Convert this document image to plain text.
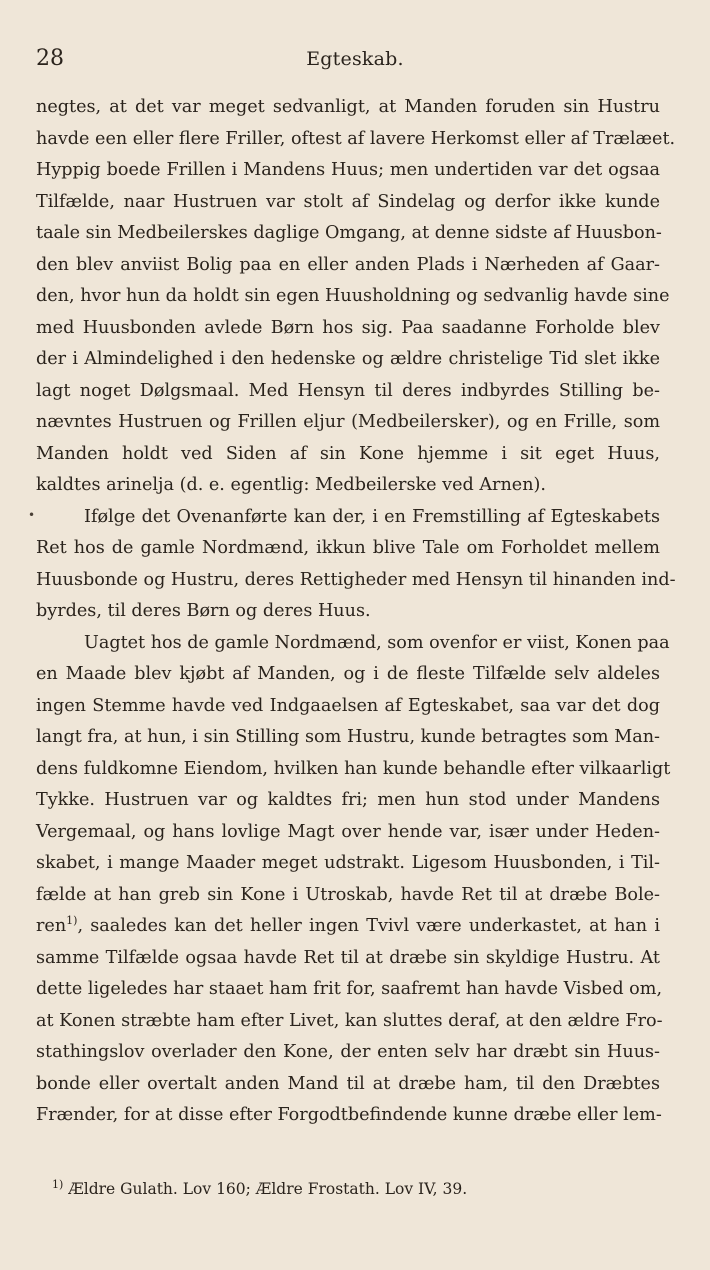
28	Egteskab.
•
negtes, at det var meget sedvanligt, at Manden foruden sin Hustru
havde een eller flere Friller, oftest af lavere Herkomst eller af Trælæet.
Hyppig boede Frillen i Mandens Huus; men undertiden var det ogsaa
Tilfælde, naar Hustruen var stolt af Sindelag og derfor ikke kunde
taale sin Medbeilerskes daglige Omgang, at denne sidste af Huusbon-
den blev anviist Bolig paa en eller anden Plads i Nærheden af Gaar-
den, hvor hun da holdt sin egen Huusholdning og sedvanlig havde sine
med Huusbonden avlede Børn hos sig. Paa saadanne Forholde blev
der i Almindelighed i den hedenske og ældre christelige Tid slet ikke
lagt noget Dølgsmaal. Med Hensyn til deres indbyrdes Stilling be-
nævntes Hustruen og Frillen eljur (Medbeilersker), og en Frille, som
Manden holdt ved Siden af sin Kone hjemme i sit eget Huus,
kaldtes arinelja (d. e. egentlig: Medbeilerske ved Arnen).
Ifølge det Ovenanførte kan der, i en Fremstilling af Egteskabets
Ret hos de gamle Nordmænd, ikkun blive Tale om Forholdet mellem
Huusbonde og Hustru, deres Rettigheder med Hensyn til hinanden ind-
byrdes, til deres Børn og deres Huus.
Uagtet hos de gamle Nordmænd, som ovenfor er viist, Konen paa
en Maade blev kjøbt af Manden, og i de fleste Tilfælde selv aldeles
ingen Stemme havde ved Indgaaelsen af Egteskabet, saa var det dog
langt fra, at hun, i sin Stilling som Hustru, kunde betragtes som Man-
dens fuldkomne Eiendom, hvilken han kunde behandle efter vilkaarligt
Tykke. Hustruen var og kaldtes fri; men hun stod under Mandens
Vergemaal, og hans lovlige Magt over hende var, især under Heden-
skabet, i mange Maader meget udstrakt. Ligesom Huusbonden, i Til-
fælde at han greb sin Kone i Utroskab, havde Ret til at dræbe Bole-
ren$^{1)}$, saaledes kan det heller ingen Tvivl være underkastet, at han i
samme Tilfælde ogsaa havde Ret til at dræbe sin skyldige Hustru. At
dette ligeledes har staaet ham frit for, saafremt han havde Visbed om,
at Konen stræbte ham efter Livet, kan sluttes deraf, at den ældre Fro-
stathingslov overlader den Kone, der enten selv har dræbt sin Huus-
bonde eller overtalt anden Mand til at dræbe ham, til den Dræbtes
Frænder, for at disse efter Forgodtbefindende kunne dræbe eller lem-
$^{1)}$ Ældre Gulath. Lov 160; Ældre Frostath. Lov IV, 39.
